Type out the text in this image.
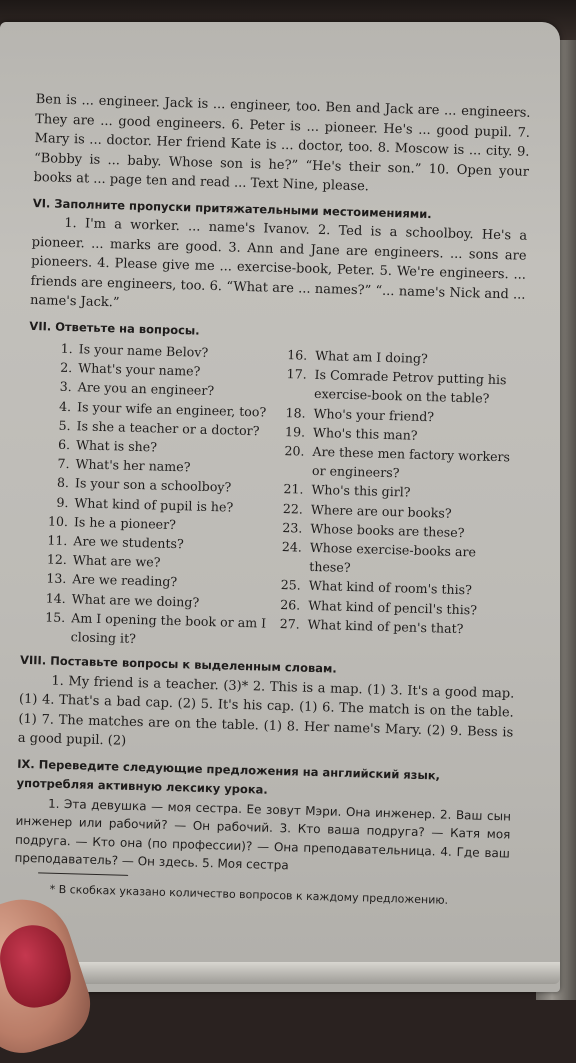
Ben is ... engineer. Jack is ... engineer, too. Ben and Jack are ... engineers. They are ... good engineers. 6. Peter is ... pioneer. He's ... good pupil. 7. Mary is ... doctor. Her friend Kate is ... doctor, too. 8. Moscow is ... city. 9. “Bobby is ... baby. Whose son is he?” “He's their son.” 10. Open your books at ... page ten and read ... Text Nine, please.

VI. Заполните пропуски притяжательными местоимениями.

1. I'm a worker. ... name's Ivanov. 2. Ted is a schoolboy. He's a pioneer. ... marks are good. 3. Ann and Jane are engineers. ... sons are pioneers. 4. Please give me ... exercise-book, Peter. 5. We're engineers. ... friends are engineers, too. 6. “What are ... names?” “... name's Nick and ... name's Jack.”

VII. Ответьте на вопросы.

1. Is your name Belov?
2. What's your name?
3. Are you an engineer?
4. Is your wife an engineer, too?
5. Is she a teacher or a doctor?
6. What is she?
7. What's her name?
8. Is your son a schoolboy?
9. What kind of pupil is he?
10. Is he a pioneer?
11. Are we students?
12. What are we?
13. Are we reading?
14. What are we doing?
15. Am I opening the book or am I closing it?
16. What am I doing?
17. Is Comrade Petrov putting his exercise-book on the table?
18. Who's your friend?
19. Who's this man?
20. Are these men factory workers or engineers?
21. Who's this girl?
22. Where are our books?
23. Whose books are these?
24. Whose exercise-books are these?
25. What kind of room's this?
26. What kind of pencil's this?
27. What kind of pen's that?

VIII. Поставьте вопросы к выделенным словам.

1. My friend is a teacher. (3)* 2. This is a map. (1) 3. It's a good map. (1) 4. That's a bad cap. (2) 5. It's his cap. (1) 6. The match is on the table. (1) 7. The matches are on the table. (1) 8. Her name's Mary. (2) 9. Bess is a good pupil. (2)

IX. Переведите следующие предложения на английский язык, употребляя активную лексику урока.

1. Эта девушка — моя сестра. Ее зовут Мэри. Она инженер. 2. Ваш сын инженер или рабочий? — Он рабочий. 3. Кто ваша подруга? — Катя моя подруга. — Кто она (по профессии)? — Она преподавательница. 4. Где ваш преподаватель? — Он здесь. 5. Моя сестра

* В скобках указано количество вопросов к каждому предложению.
